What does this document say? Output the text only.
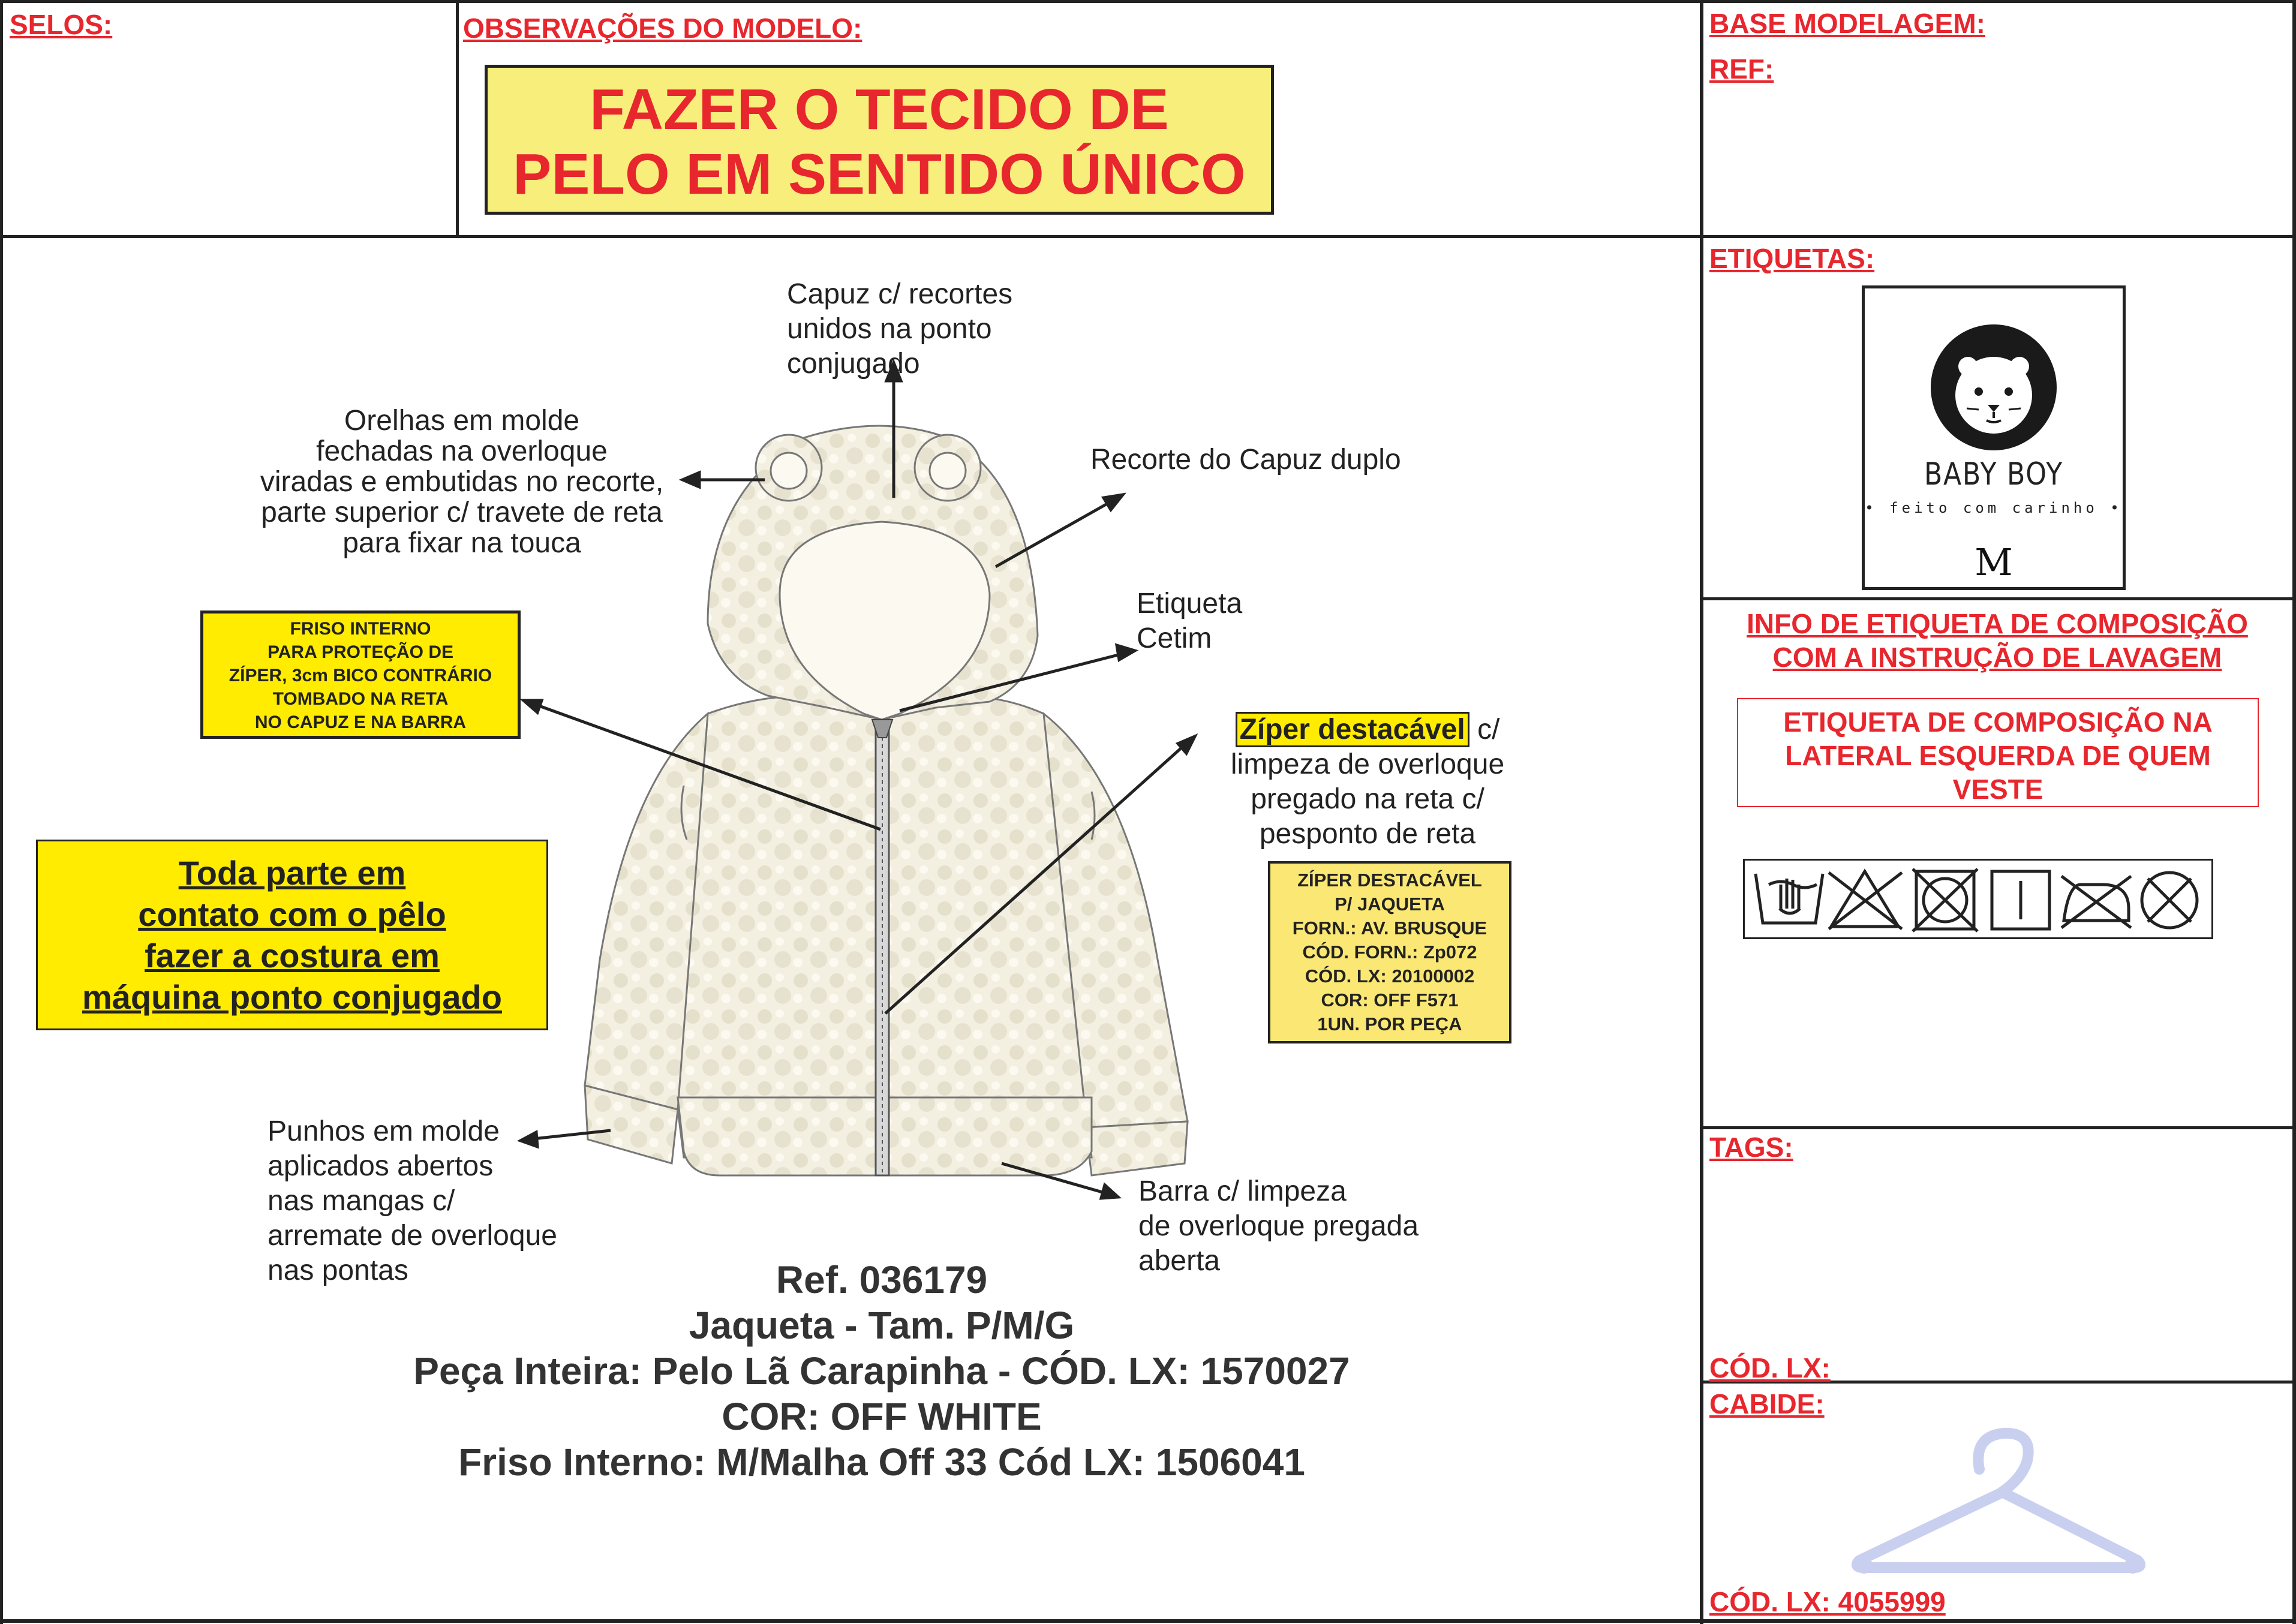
SELOS:	OBSERVAÇÕES DO MODELO:
FAZER O TECIDO DE
PELO EM SENTIDO ÚNICO
BASE MODELAGEM:
REF:
ETIQUETAS:
BABY BOY
• feito com carinho •
M
INFO DE ETIQUETA DE COMPOSIÇÃO
COM A INSTRUÇÃO DE LAVAGEM
ETIQUETA DE COMPOSIÇÃO NA
LATERAL ESQUERDA DE QUEM
VESTE
TAGS:
CÓD. LX:
CABIDE:
CÓD. LX: 4055999
Capuz c/ recortes
unidos na ponto
conjugado
Orelhas em molde
fechadas na overloque
viradas e embutidas no recorte,
parte superior c/ travete de reta
para fixar na touca
Recorte do Capuz duplo
Etiqueta
Cetim
FRISO INTERNO
PARA PROTEÇÃO DE
ZÍPER, 3cm BICO CONTRÁRIO
TOMBADO NA RETA
NO CAPUZ E NA BARRA	Zíper destacável c/
limpeza de overloque
pregado na reta c/
pesponto de reta
Toda parte em
contato com o pêlo
fazer a costura em
máquina ponto conjugado
ZÍPER DESTACÁVEL
P/ JAQUETA
FORN.: AV. BRUSQUE
CÓD. FORN.: Zp072
CÓD. LX: 20100002
COR: OFF F571
1UN. POR PEÇA
Punhos em molde
aplicados abertos
nas mangas c/
arremate de overloque
nas pontas
Barra c/ limpeza
de overloque pregada
aberta
Ref. 036179
Jaqueta - Tam. P/M/G
Peça Inteira: Pelo Lã Carapinha - CÓD. LX: 1570027
COR: OFF WHITE
Friso Interno: M/Malha Off 33 Cód LX: 1506041
